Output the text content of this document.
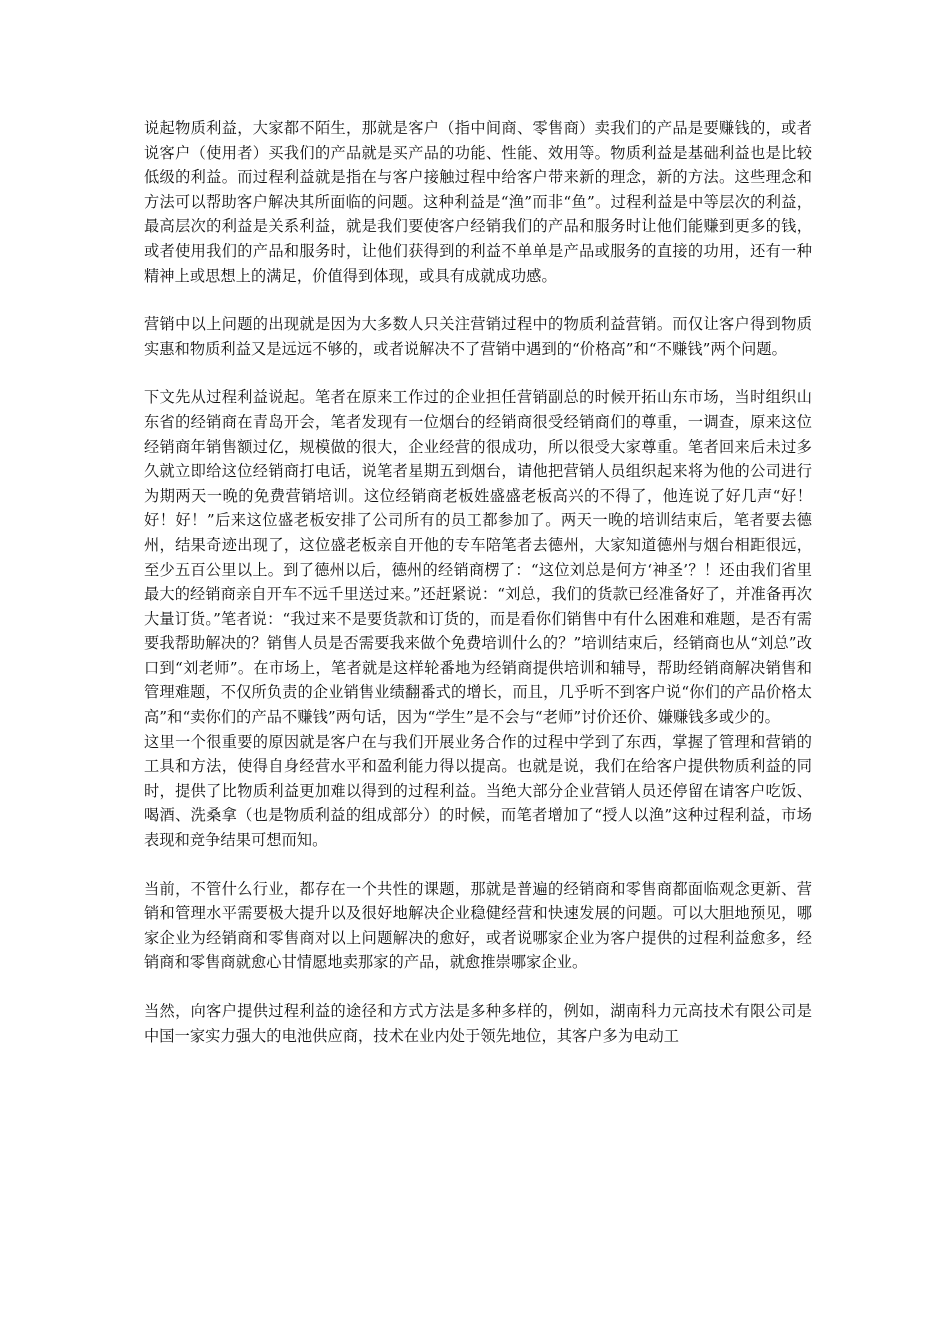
说起物质利益，大家都不陌生，那就是客户（指中间商、零售商）卖我们的产品是要赚钱的，或者说客户（使用者）买我们的产品就是买产品的功能、性能、效用等。物质利益是基础利益也是比较低级的利益。而过程利益就是指在与客户接触过程中给客户带来新的理念，新的方法。这些理念和方法可以帮助客户解决其所面临的问题。这种利益是“渔”而非“鱼”。过程利益是中等层次的利益，最高层次的利益是关系利益，就是我们要使客户经销我们的产品和服务时让他们能赚到更多的钱，或者使用我们的产品和服务时，让他们获得到的利益不单单是产品或服务的直接的功用，还有一种精神上或思想上的满足，价值得到体现，或具有成就成功感。

营销中以上问题的出现就是因为大多数人只关注营销过程中的物质利益营销。而仅让客户得到物质实惠和物质利益又是远远不够的，或者说解决不了营销中遇到的“价格高”和“不赚钱”两个问题。

下文先从过程利益说起。笔者在原来工作过的企业担任营销副总的时候开拓山东市场，当时组织山东省的经销商在青岛开会，笔者发现有一位烟台的经销商很受经销商们的尊重，一调查，原来这位经销商年销售额过亿，规模做的很大，企业经营的很成功，所以很受大家尊重。笔者回来后未过多久就立即给这位经销商打电话，说笔者星期五到烟台，请他把营销人员组织起来将为他的公司进行为期两天一晚的免费营销培训。这位经销商老板姓盛盛老板高兴的不得了，他连说了好几声“好！好！好！”后来这位盛老板安排了公司所有的员工都参加了。两天一晚的培训结束后，笔者要去德州，结果奇迹出现了，这位盛老板亲自开他的专车陪笔者去德州，大家知道德州与烟台相距很远，至少五百公里以上。到了德州以后，德州的经销商楞了：“这位刘总是何方‘神圣’？！还由我们省里最大的经销商亲自开车不远千里送过来。”还赶紧说：“刘总，我们的货款已经准备好了，并准备再次大量订货。”笔者说：“我过来不是要货款和订货的，而是看你们销售中有什么困难和难题，是否有需要我帮助解决的？销售人员是否需要我来做个免费培训什么的？”培训结束后，经销商也从“刘总”改口到“刘老师”。在市场上，笔者就是这样轮番地为经销商提供培训和辅导，帮助经销商解决销售和管理难题，不仅所负责的企业销售业绩翻番式的增长，而且，几乎听不到客户说“你们的产品价格太高”和“卖你们的产品不赚钱”两句话，因为“学生”是不会与“老师”讨价还价、嫌赚钱多或少的。

这里一个很重要的原因就是客户在与我们开展业务合作的过程中学到了东西，掌握了管理和营销的工具和方法，使得自身经营水平和盈利能力得以提高。也就是说，我们在给客户提供物质利益的同时，提供了比物质利益更加难以得到的过程利益。当绝大部分企业营销人员还停留在请客户吃饭、喝酒、洗桑拿（也是物质利益的组成部分）的时候，而笔者增加了“授人以渔”这种过程利益，市场表现和竞争结果可想而知。

当前，不管什么行业，都存在一个共性的课题，那就是普遍的经销商和零售商都面临观念更新、营销和管理水平需要极大提升以及很好地解决企业稳健经营和快速发展的问题。可以大胆地预见，哪家企业为经销商和零售商对以上问题解决的愈好，或者说哪家企业为客户提供的过程利益愈多，经销商和零售商就愈心甘情愿地卖那家的产品，就愈推崇哪家企业。

当然，向客户提供过程利益的途径和方式方法是多种多样的，例如，湖南科力元高技术有限公司是中国一家实力强大的电池供应商，技术在业内处于领先地位，其客户多为电动工
